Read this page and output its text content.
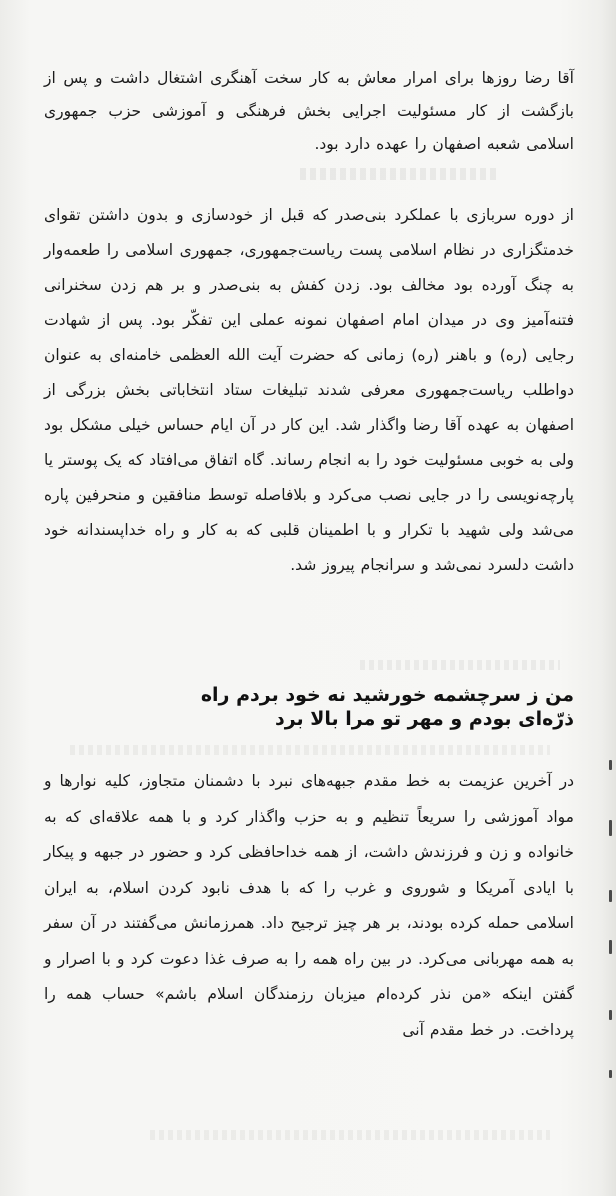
آقا رضا روزها برای امرار معاش به کار سخت آهنگری اشتغال داشت و پس از بازگشت از کار مسئولیت اجرایی بخش فرهنگی و آموزشی حزب جمهوری اسلامی شعبه اصفهان را عهده دارد بود.

از دوره سربازی با عملکرد بنی‌صدر که قبل از خودسازی و بدون داشتن تقوای خدمتگزاری در نظام اسلامی پست ریاست‌جمهوری، جمهوری اسلامی را طعمه‌وار به چنگ آورده بود مخالف بود. زدن کفش به بنی‌صدر و بر هم زدن سخنرانی فتنه‌آمیز وی در میدان امام اصفهان نمونه عملی این تفکّر بود. پس از شهادت رجایی (ره) و باهنر (ره) زمانی که حضرت آیت الله العظمی خامنه‌ای به عنوان دواطلب ریاست‌جمهوری معرفی شدند تبلیغات ستاد انتخاباتی بخش بزرگی از اصفهان به عهده آقا رضا واگذار شد. این کار در آن ایام حساس خیلی مشکل بود ولی به خوبی مسئولیت خود را به انجام رساند. گاه اتفاق می‌افتاد که یک پوستر یا پارچه‌نویسی را در جایی نصب می‌کرد و بلافاصله توسط منافقین و منحرفین پاره می‌شد ولی شهید با تکرار و با اطمینان قلبی که به کار و راه خداپسندانه خود داشت دلسرد نمی‌شد و سرانجام پیروز شد.

من ز سرچشمه خورشید نه خود بردم راه

ذرّه‌ای بودم و مهر تو مرا بالا برد

در آخرین عزیمت به خط مقدم جبهه‌های نبرد با دشمنان متجاوز، کلیه نوارها و مواد آموزشی را سریعاً تنظیم و به حزب واگذار کرد و با همه علاقه‌ای که به خانواده و زن و فرزندش داشت، از همه خداحافظی کرد و حضور در جبهه و پیکار با ایادی آمریکا و شوروی و غرب را که با هدف نابود کردن اسلام، به ایران اسلامی حمله کرده بودند، بر هر چیز ترجیح داد. همرزمانش می‌گفتند در آن سفر به همه مهربانی می‌کرد. در بین راه همه را به صرف غذا دعوت کرد و با اصرار و گفتن اینکه «من نذر کرده‌ام میزبان رزمندگان اسلام باشم» حساب همه را پرداخت. در خط مقدم آنی
